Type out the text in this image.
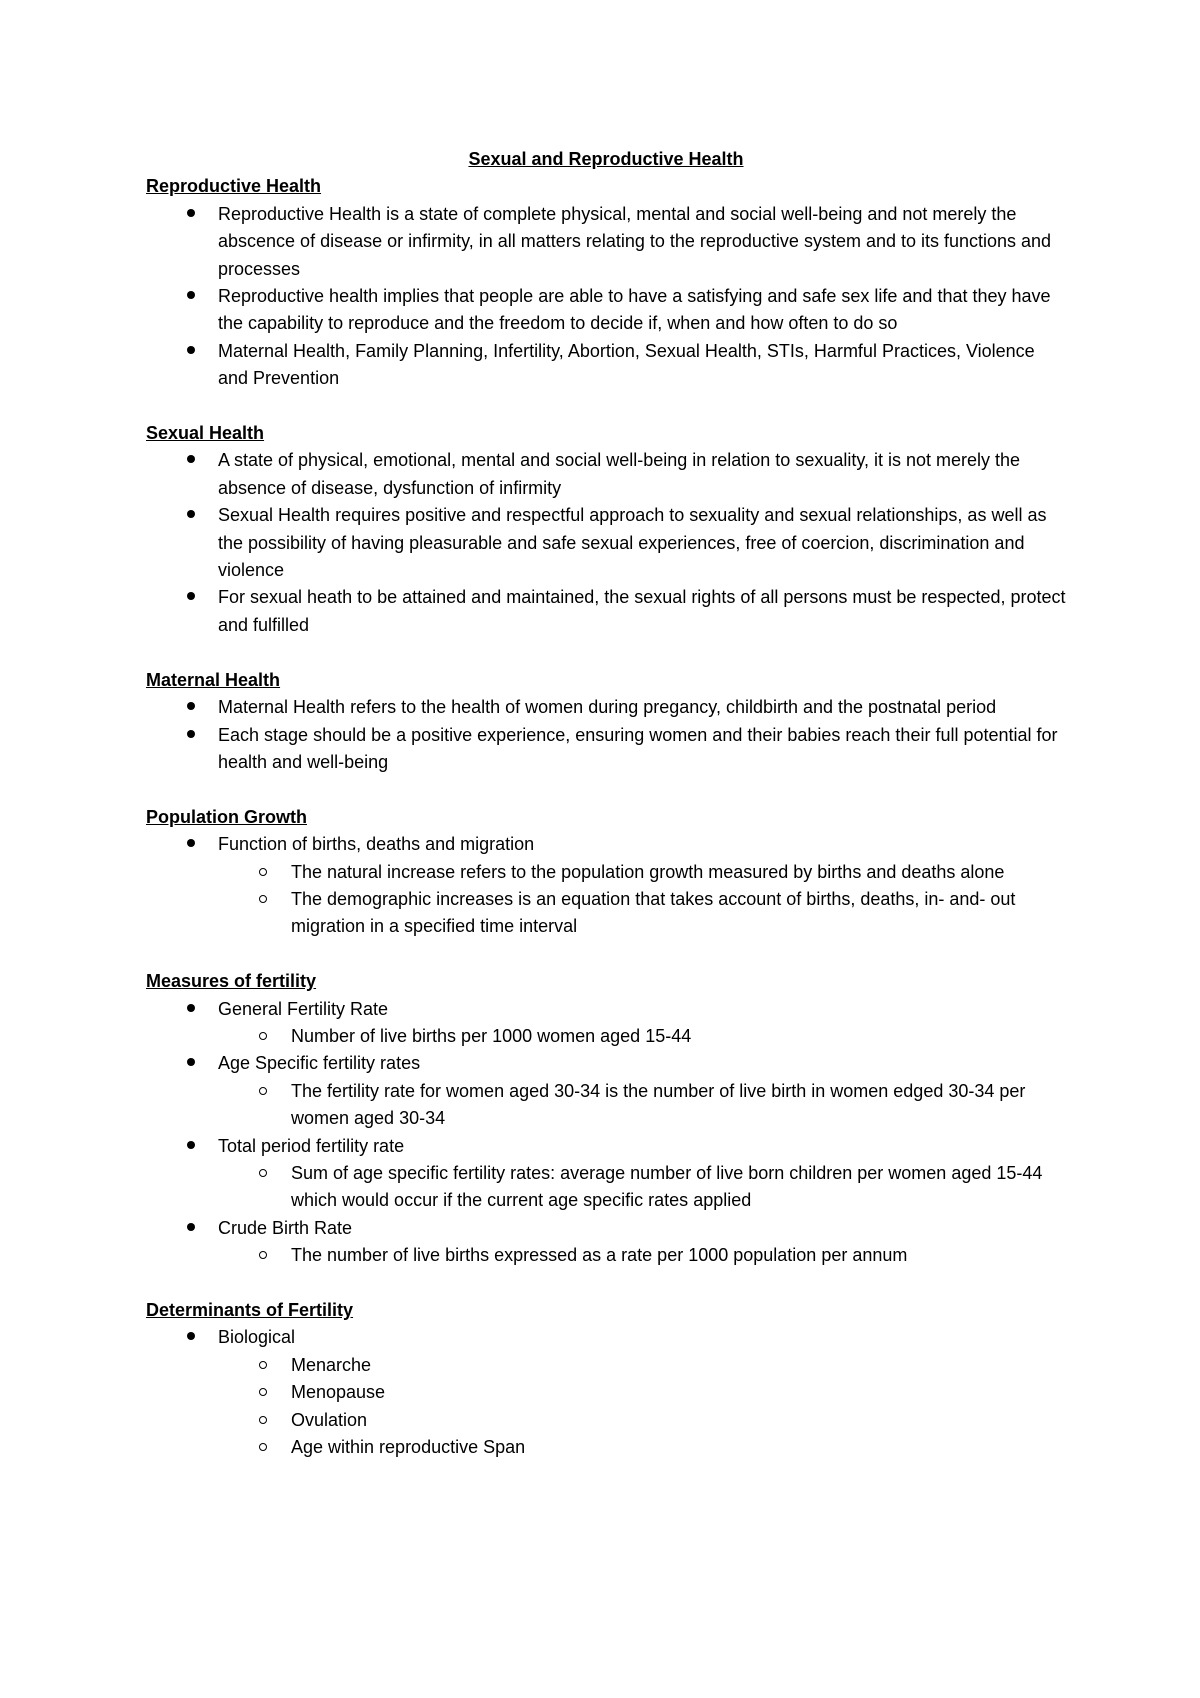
Sexual and Reproductive Health

Reproductive Health

Reproductive Health is a state of complete physical, mental and social well-being and not merely the abscence of disease or infirmity, in all matters relating to the reproductive system and to its functions and processes
Reproductive health implies that people are able to have a satisfying and safe sex life and that they have the capability to reproduce and the freedom to decide if, when and how often to do so
Maternal Health, Family Planning, Infertility, Abortion, Sexual Health, STIs, Harmful Practices, Violence and Prevention

Sexual Health

A state of physical, emotional, mental and social well-being in relation to sexuality, it is not merely the absence of disease, dysfunction of infirmity
Sexual Health requires positive and respectful approach to sexuality and sexual relationships, as well as the possibility of having pleasurable and safe sexual experiences, free of coercion, discrimination and violence
For sexual heath to be attained and maintained, the sexual rights of all persons must be respected, protect and fulfilled

Maternal Health

Maternal Health refers to the health of women during pregancy, childbirth and the postnatal period
Each stage should be a positive experience, ensuring women and their babies reach their full potential for health and well-being

Population Growth

Function of births, deaths and migration
The natural increase refers to the population growth measured by births and deaths alone
The demographic increases is an equation that takes account of births, deaths, in- and- out migration in a specified time interval

Measures of fertility

General Fertility Rate
Number of live births per 1000 women aged 15-44
Age Specific fertility rates
The fertility rate for women aged 30-34 is the number of live birth in women edged 30-34 per women aged 30-34
Total period fertility rate
Sum of age specific fertility rates: average number of live born children per women aged 15-44 which would occur if the current age specific rates applied
Crude Birth Rate
The number of live births expressed as a rate per 1000 population per annum

Determinants of Fertility

Biological
Menarche
Menopause
Ovulation
Age within reproductive Span
